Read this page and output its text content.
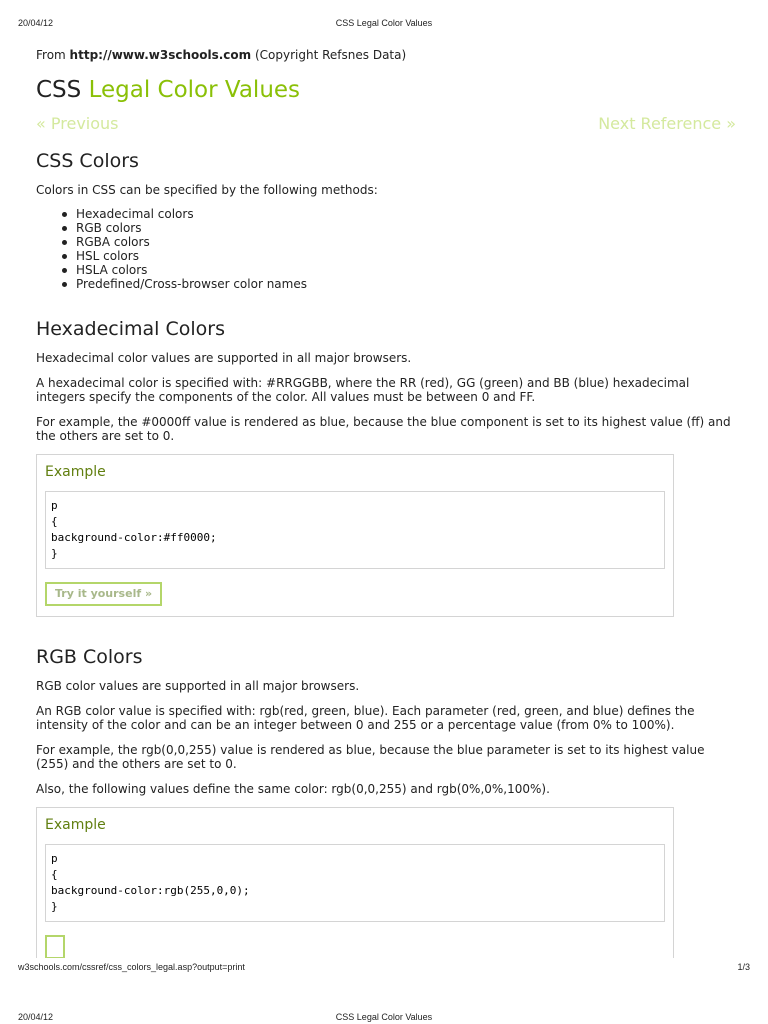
20/04/12	CSS Legal Color Values
From http://www.w3schools.com (Copyright Refsnes Data)
CSS Legal Color Values
« Previous	Next Reference »
CSS Colors

Colors in CSS can be specified by the following methods:

Hexadecimal colors
RGB colors
RGBA colors
HSL colors
HSLA colors
Predefined/Cross-browser color names
Hexadecimal Colors

Hexadecimal color values are supported in all major browsers.

A hexadecimal color is specified with: #RRGGBB, where the RR (red), GG (green) and BB (blue) hexadecimal integers specify the components of the color. All values must be between 0 and FF.

For example, the #0000ff value is rendered as blue, because the blue component is set to its highest value (ff) and the others are set to 0.

Example
p
{
background-color:#ff0000;
}
Try it yourself »
RGB Colors

RGB color values are supported in all major browsers.

An RGB color value is specified with: rgb(red, green, blue). Each parameter (red, green, and blue) defines the intensity of the color and can be an integer between 0 and 255 or a percentage value (from 0% to 100%).

For example, the rgb(0,0,255) value is rendered as blue, because the blue parameter is set to its highest value (255) and the others are set to 0.

Also, the following values define the same color: rgb(0,0,255) and rgb(0%,0%,100%).

Example
p
{
background-color:rgb(255,0,0);
}
w3schools.com/cssref/css_colors_legal.asp?output=print	1/3
20/04/12	CSS Legal Color Values
